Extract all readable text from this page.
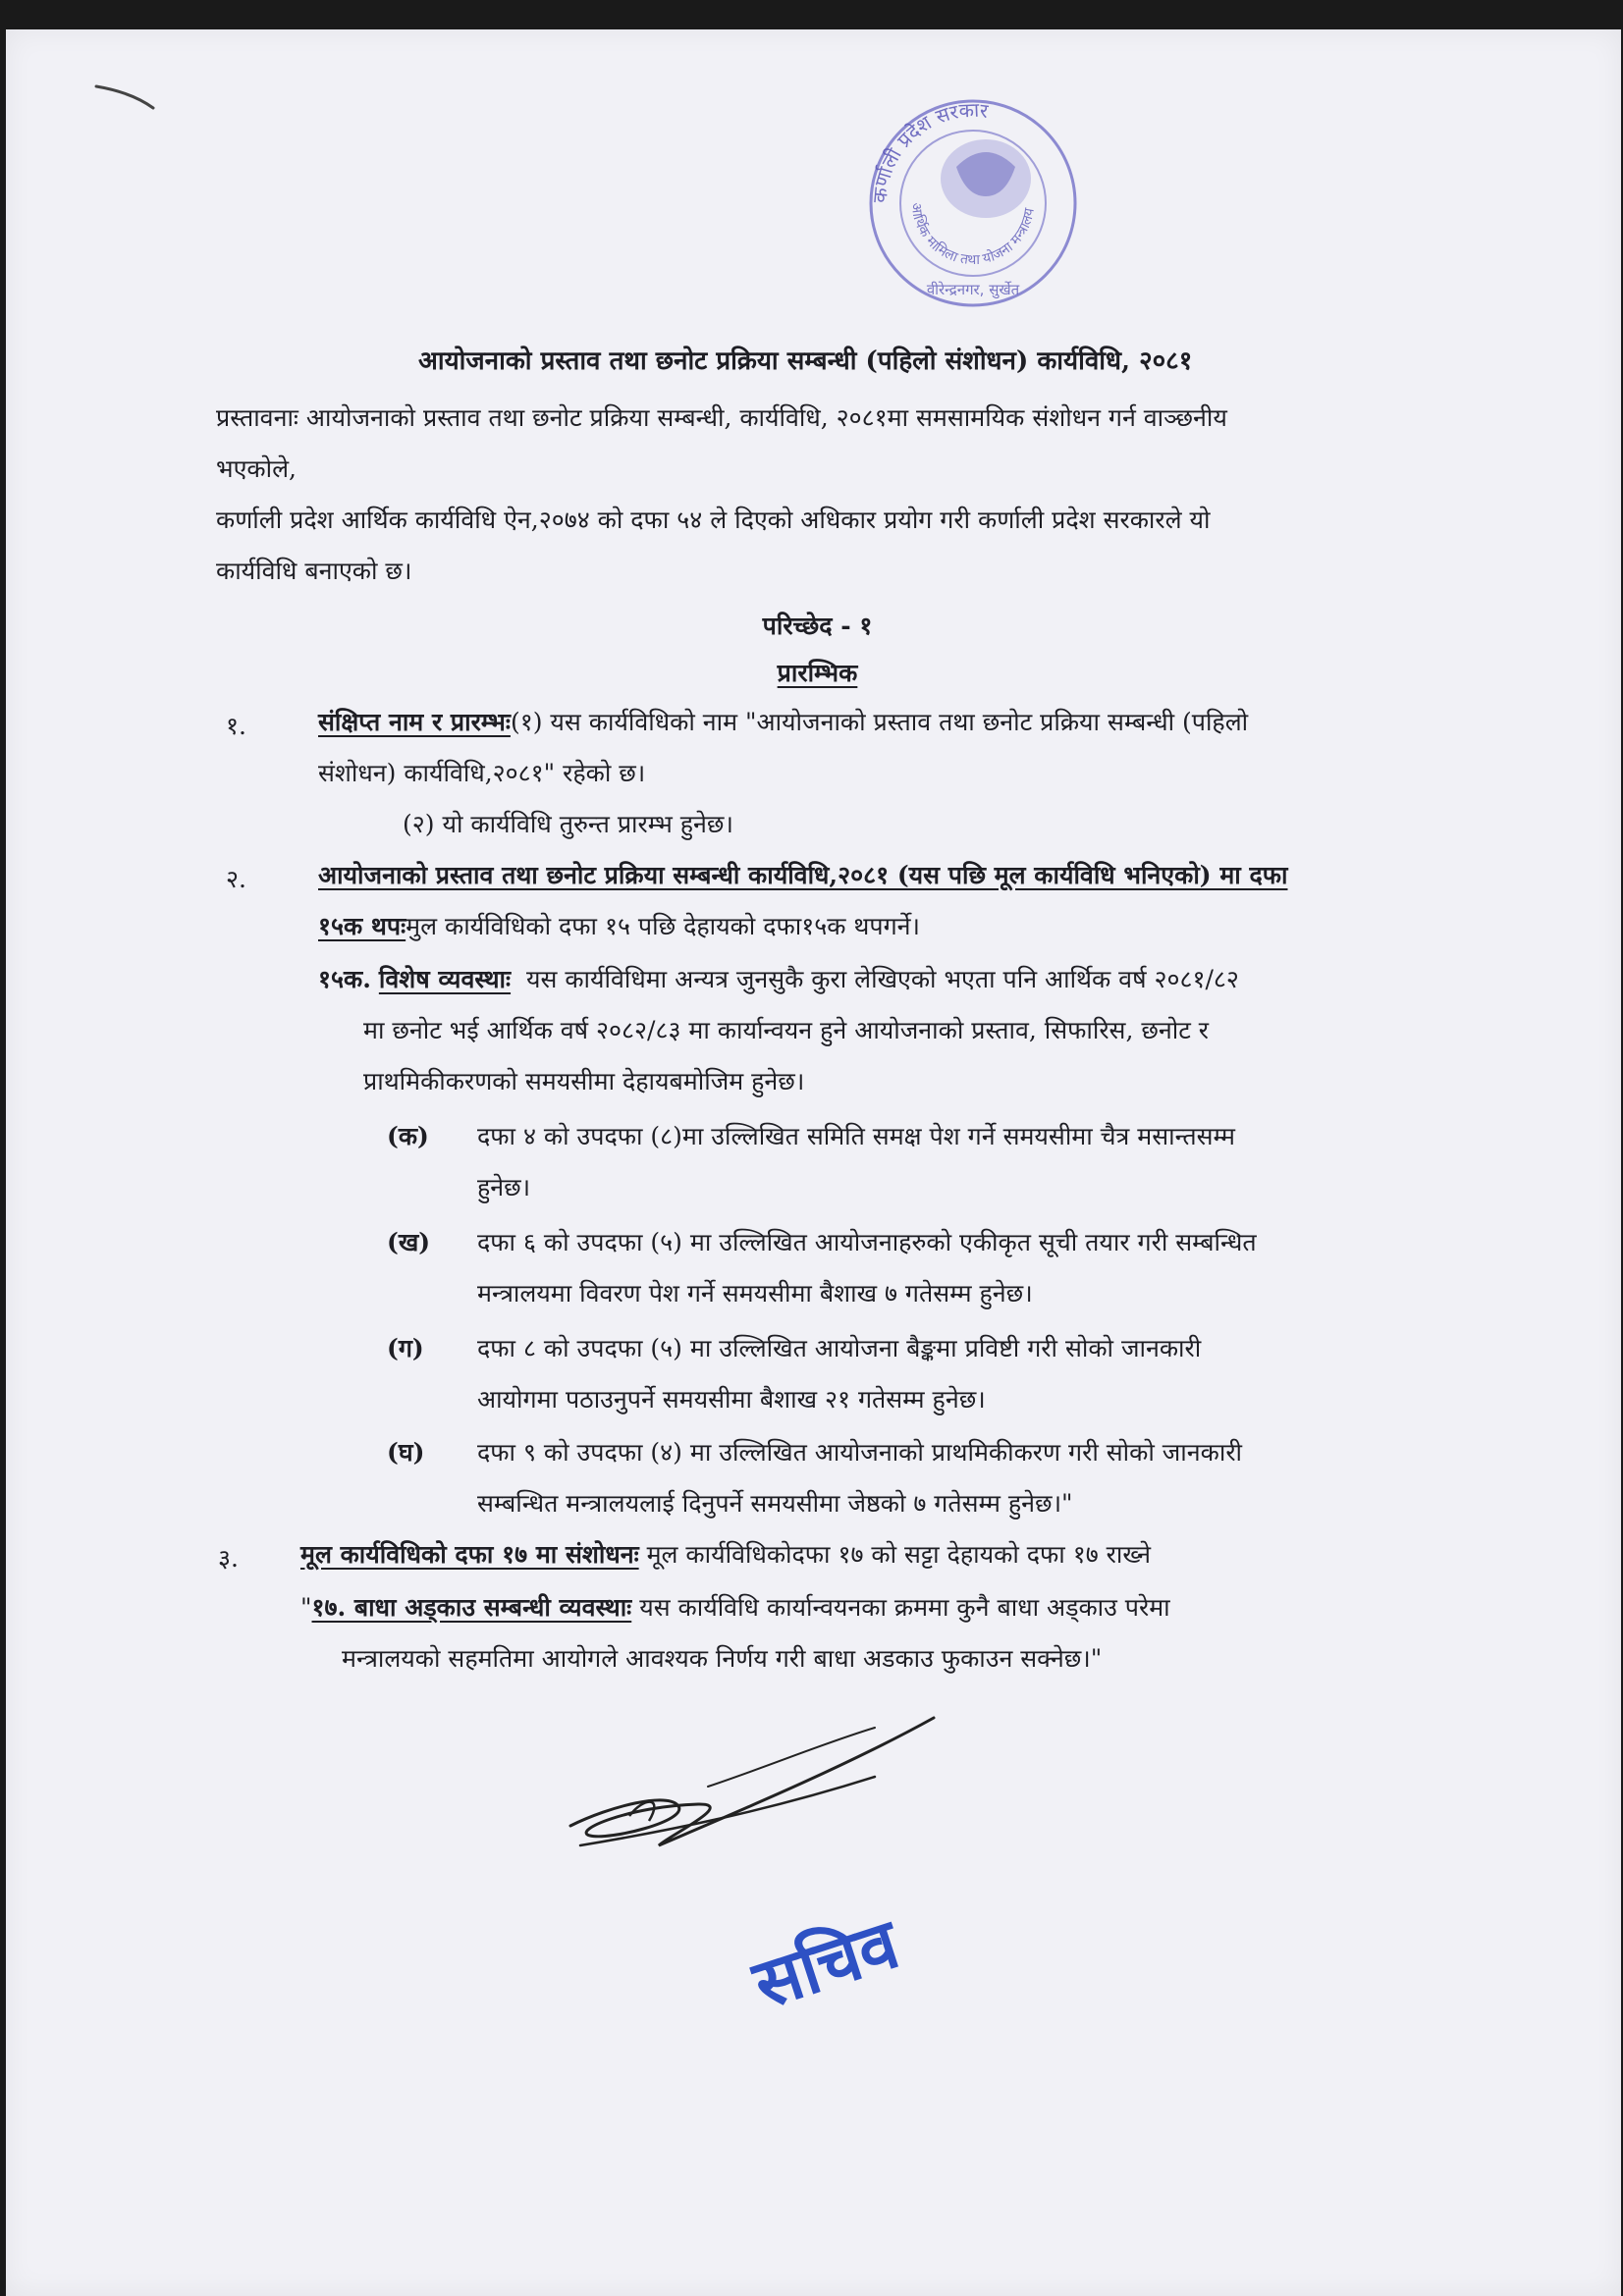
कर्णाली प्रदेश सरकार
आर्थिक मामिला तथा योजना मन्त्रालय
वीरेन्द्रनगर, सुर्खेत
आयोजनाको प्रस्ताव तथा छनोट प्रक्रिया सम्बन्धी (पहिलो संशोधन) कार्यविधि, २०८१
प्रस्तावनाः आयोजनाको प्रस्ताव तथा छनोट प्रक्रिया सम्बन्धी, कार्यविधि, २०८१मा समसामयिक संशोधन गर्न वाञ्छनीय
भएकोले,
कर्णाली प्रदेश आर्थिक कार्यविधि ऐन,२०७४ को दफा ५४ ले दिएको अधिकार प्रयोग गरी कर्णाली प्रदेश सरकारले यो
कार्यविधि बनाएको छ।
परिच्छेद - १
प्रारम्भिक
१.	संक्षिप्त नाम र प्रारम्भः(१) यस कार्यविधिको नाम "आयोजनाको प्रस्ताव तथा छनोट प्रक्रिया सम्बन्धी (पहिलो
संशोधन) कार्यविधि,२०८१" रहेको छ।
(२) यो कार्यविधि तुरुन्त प्रारम्भ हुनेछ।
२.	आयोजनाको प्रस्ताव तथा छनोट प्रक्रिया सम्बन्धी कार्यविधि,२०८१ (यस पछि मूल कार्यविधि भनिएको) मा दफा
१५क थपःमुल कार्यविधिको दफा १५ पछि देहायको दफा१५क थपगर्ने।
१५क. विशेष व्यवस्थाः यस कार्यविधिमा अन्यत्र जुनसुकै कुरा लेखिएको भएता पनि आर्थिक वर्ष २०८१/८२
मा छनोट भई आर्थिक वर्ष २०८२/८३ मा कार्यान्वयन हुने आयोजनाको प्रस्ताव, सिफारिस, छनोट र
प्राथमिकीकरणको समयसीमा देहायबमोजिम हुनेछ।
(क) दफा ४ को उपदफा (८)मा उल्लिखित समिति समक्ष पेश गर्ने समयसीमा चैत्र मसान्तसम्म
हुनेछ।
(ख) दफा ६ को उपदफा (५) मा उल्लिखित आयोजनाहरुको एकीकृत सूची तयार गरी सम्बन्धित
मन्त्रालयमा विवरण पेश गर्ने समयसीमा बैशाख ७ गतेसम्म हुनेछ।
(ग) दफा ८ को उपदफा (५) मा उल्लिखित आयोजना बैङ्कमा प्रविष्टी गरी सोको जानकारी
आयोगमा पठाउनुपर्ने समयसीमा बैशाख २१ गतेसम्म हुनेछ।
(घ) दफा ९ को उपदफा (४) मा उल्लिखित आयोजनाको प्राथमिकीकरण गरी सोको जानकारी
सम्बन्धित मन्त्रालयलाई दिनुपर्ने समयसीमा जेष्ठको ७ गतेसम्म हुनेछ।"
३.	मूल कार्यविधिको दफा १७ मा संशोधनः मूल कार्यविधिकोदफा १७ को सट्टा देहायको दफा १७ राख्ने
"१७. बाधा अड्काउ सम्बन्धी व्यवस्थाः यस कार्यविधि कार्यान्वयनका क्रममा कुनै बाधा अड्काउ परेमा
मन्त्रालयको सहमतिमा आयोगले आवश्यक निर्णय गरी बाधा अडकाउ फुकाउन सक्नेछ।"
सचिव
